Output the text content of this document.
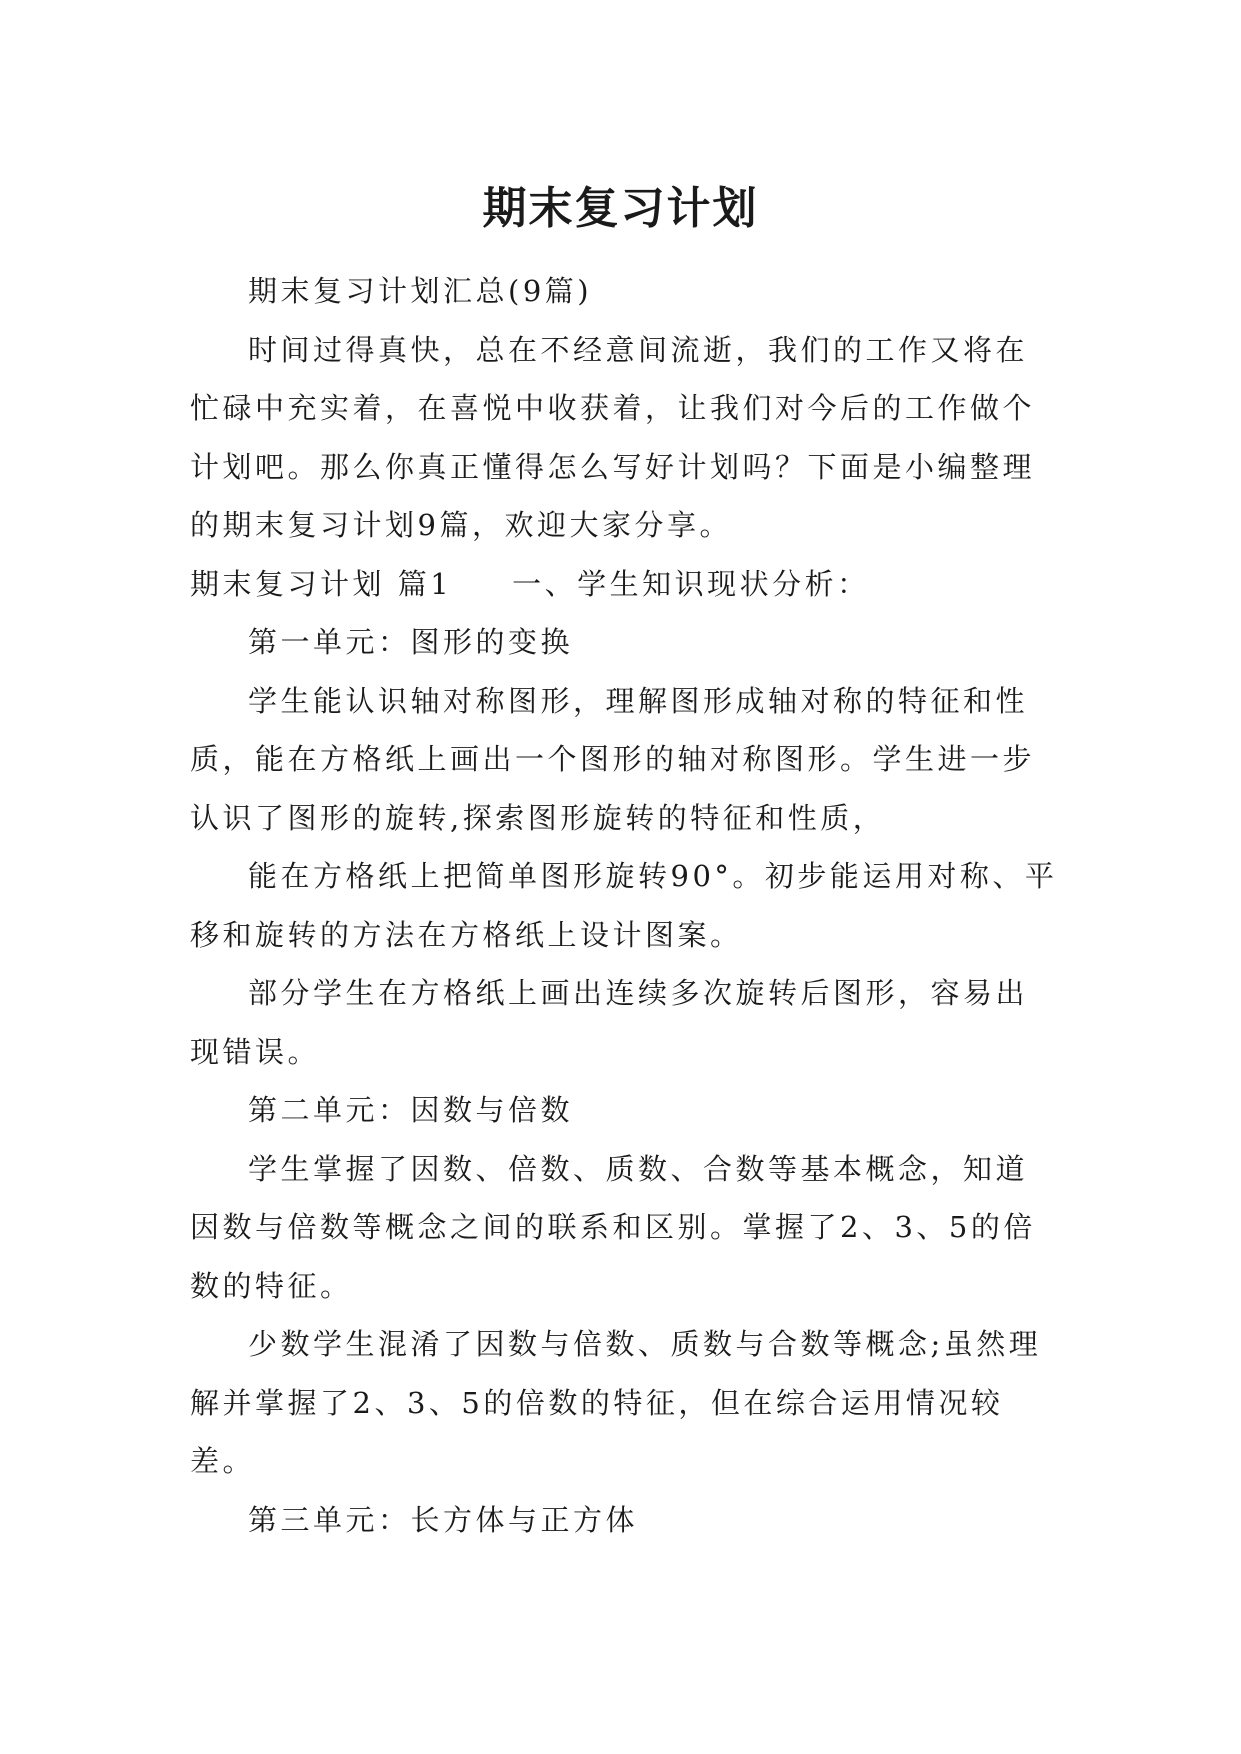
期末复习计划

期末复习计划汇总(9篇)

时间过得真快，总在不经意间流逝，我们的工作又将在忙碌中充实着，在喜悦中收获着，让我们对今后的工作做个计划吧。那么你真正懂得怎么写好计划吗？下面是小编整理的期末复习计划9篇，欢迎大家分享。

期末复习计划 篇1 一、学生知识现状分析：

第一单元：图形的变换

学生能认识轴对称图形，理解图形成轴对称的特征和性质，能在方格纸上画出一个图形的轴对称图形。学生进一步认识了图形的旋转,探索图形旋转的特征和性质，

能在方格纸上把简单图形旋转90°。初步能运用对称、平移和旋转的方法在方格纸上设计图案。

部分学生在方格纸上画出连续多次旋转后图形，容易出现错误。

第二单元：因数与倍数

学生掌握了因数、倍数、质数、合数等基本概念，知道因数与倍数等概念之间的联系和区别。掌握了2、3、5的倍数的特征。

少数学生混淆了因数与倍数、质数与合数等概念;虽然理解并掌握了2、3、5的倍数的特征，但在综合运用情况较差。

第三单元：长方体与正方体
